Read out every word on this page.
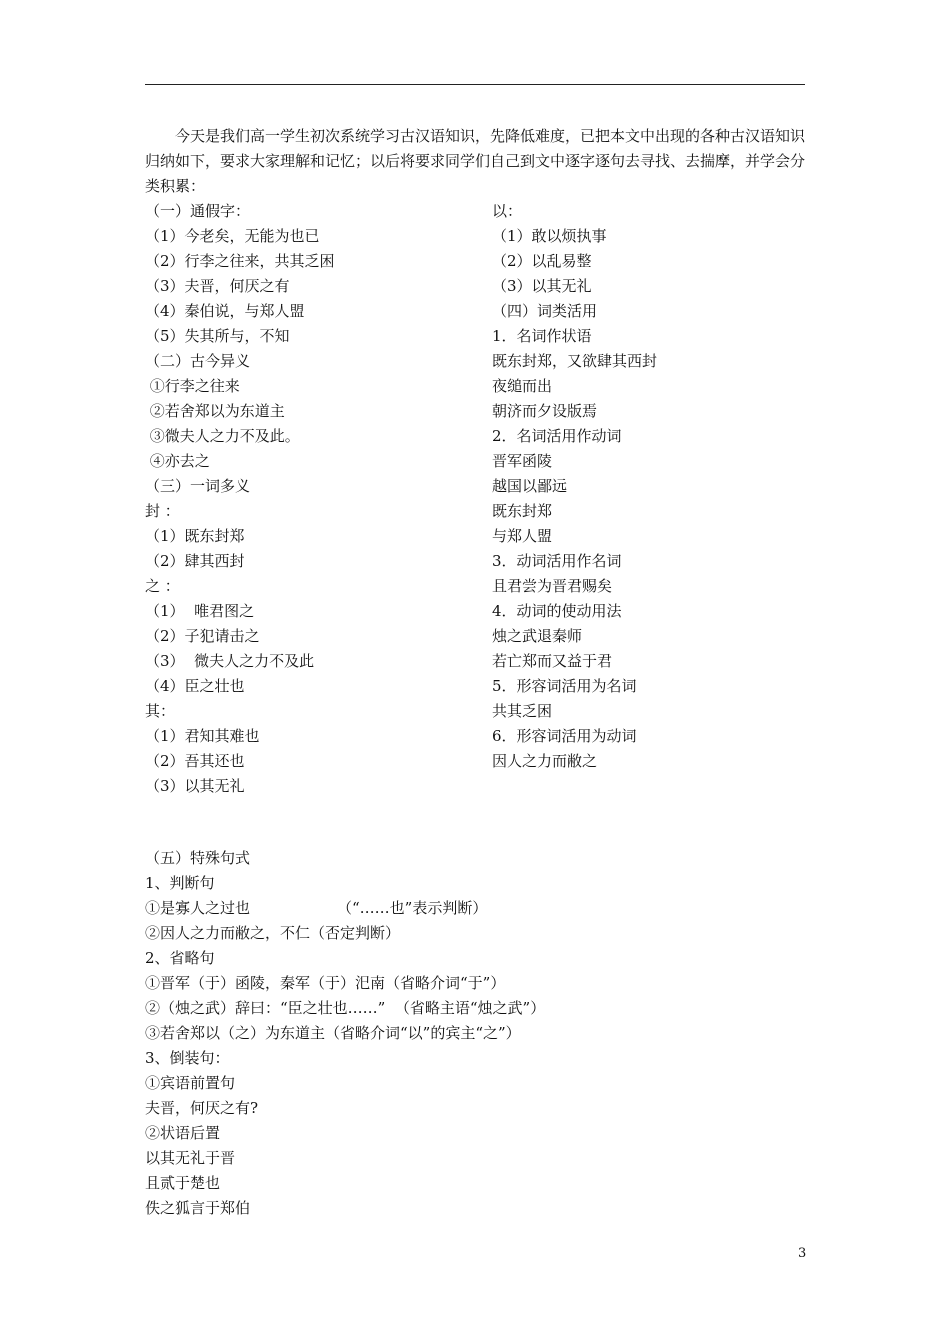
今天是我们高一学生初次系统学习古汉语知识，先降低难度，已把本文中出现的各种古汉语知识归纳如下，要求大家理解和记忆；以后将要求同学们自己到文中逐字逐句去寻找、去揣摩，并学会分类积累：
（一）通假字：
（1）今老矣，无能为也已
（2）行李之往来，共其乏困
（3）夫晋，何厌之有
（4）秦伯说，与郑人盟
（5）失其所与，不知
（二）古今异义
①行李之往来
②若舍郑以为东道主
③微夫人之力不及此。
④亦去之
（三）一词多义
封 ：
（1）既东封郑
（2）肆其西封
之 ：
（1）  唯君图之
（2）子犯请击之
（3）  微夫人之力不及此
（4）臣之壮也
其：
（1）君知其难也
（2）吾其还也
（3）以其无礼
以：
（1）敢以烦执事
（2）以乱易整
（3）以其无礼
（四）词类活用
1．名词作状语
既东封郑，又欲肆其西封
夜缒而出
朝济而夕设版焉
2．名词活用作动词
晋军函陵
越国以鄙远
既东封郑
与郑人盟
3．动词活用作名词
且君尝为晋君赐矣
4．动词的使动用法
烛之武退秦师
若亡郑而又益于君
5．形容词活用为名词
共其乏困
6．形容词活用为动词
因人之力而敝之
（五）特殊句式
1、判断句
①是寡人之过也	（“……也”表示判断）
②因人之力而敝之，不仁（否定判断）
2、省略句
①晋军（于）函陵，秦军（于）汜南（省略介词“于”）
②（烛之武）辞曰：“臣之壮也……”  （省略主语“烛之武”）
③若舍郑以（之）为东道主（省略介词“以”的宾主“之”）
3、倒装句：
①宾语前置句
夫晋，何厌之有?
②状语后置
以其无礼于晋
且贰于楚也
佚之狐言于郑伯
3
